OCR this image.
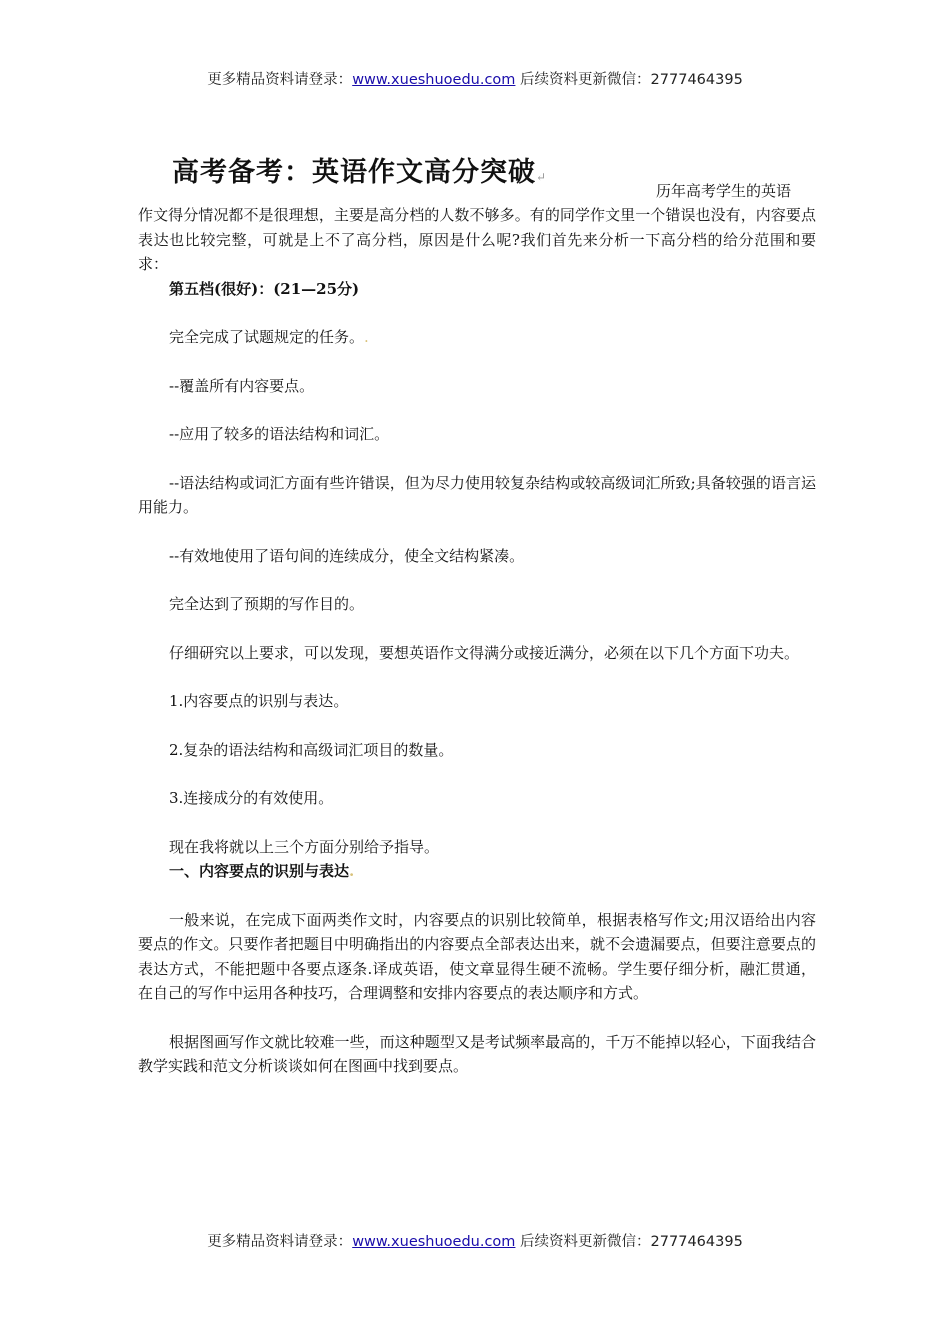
更多精品资料请登录：www.xueshuoedu.com 后续资料更新微信：2777464395
高考备考：英语作文高分突破↵
历年高考学生的英语

作文得分情况都不是很理想，主要是高分档的人数不够多。有的同学作文里一个错误也没有，内容要点表达也比较完整，可就是上不了高分档，原因是什么呢?我们首先来分析一下高分档的给分范围和要求：

第五档(很好)：(21—25分)

完全完成了试题规定的任务。.

--覆盖所有内容要点。

--应用了较多的语法结构和词汇。

--语法结构或词汇方面有些许错误，但为尽力使用较复杂结构或较高级词汇所致;具备较强的语言运用能力。

--有效地使用了语句间的连续成分，使全文结构紧凑。

完全达到了预期的写作目的。

仔细研究以上要求，可以发现，要想英语作文得满分或接近满分，必须在以下几个方面下功夫。

1.内容要点的识别与表达。

2.复杂的语法结构和高级词汇项目的数量。

3.连接成分的有效使用。

现在我将就以上三个方面分别给予指导。

一、内容要点的识别与表达.

一般来说，在完成下面两类作文时，内容要点的识别比较简单，根据表格写作文;用汉语给出内容要点的作文。只要作者把题目中明确指出的内容要点全部表达出来，就不会遗漏要点，但要注意要点的表达方式，不能把题中各要点逐条.译成英语，使文章显得生硬不流畅。学生要仔细分析，融汇贯通，在自己的写作中运用各种技巧，合理调整和安排内容要点的表达顺序和方式。

根据图画写作文就比较难一些，而这种题型又是考试频率最高的，千万不能掉以轻心，下面我结合教学实践和范文分析谈谈如何在图画中找到要点。

更多精品资料请登录：www.xueshuoedu.com 后续资料更新微信：2777464395
